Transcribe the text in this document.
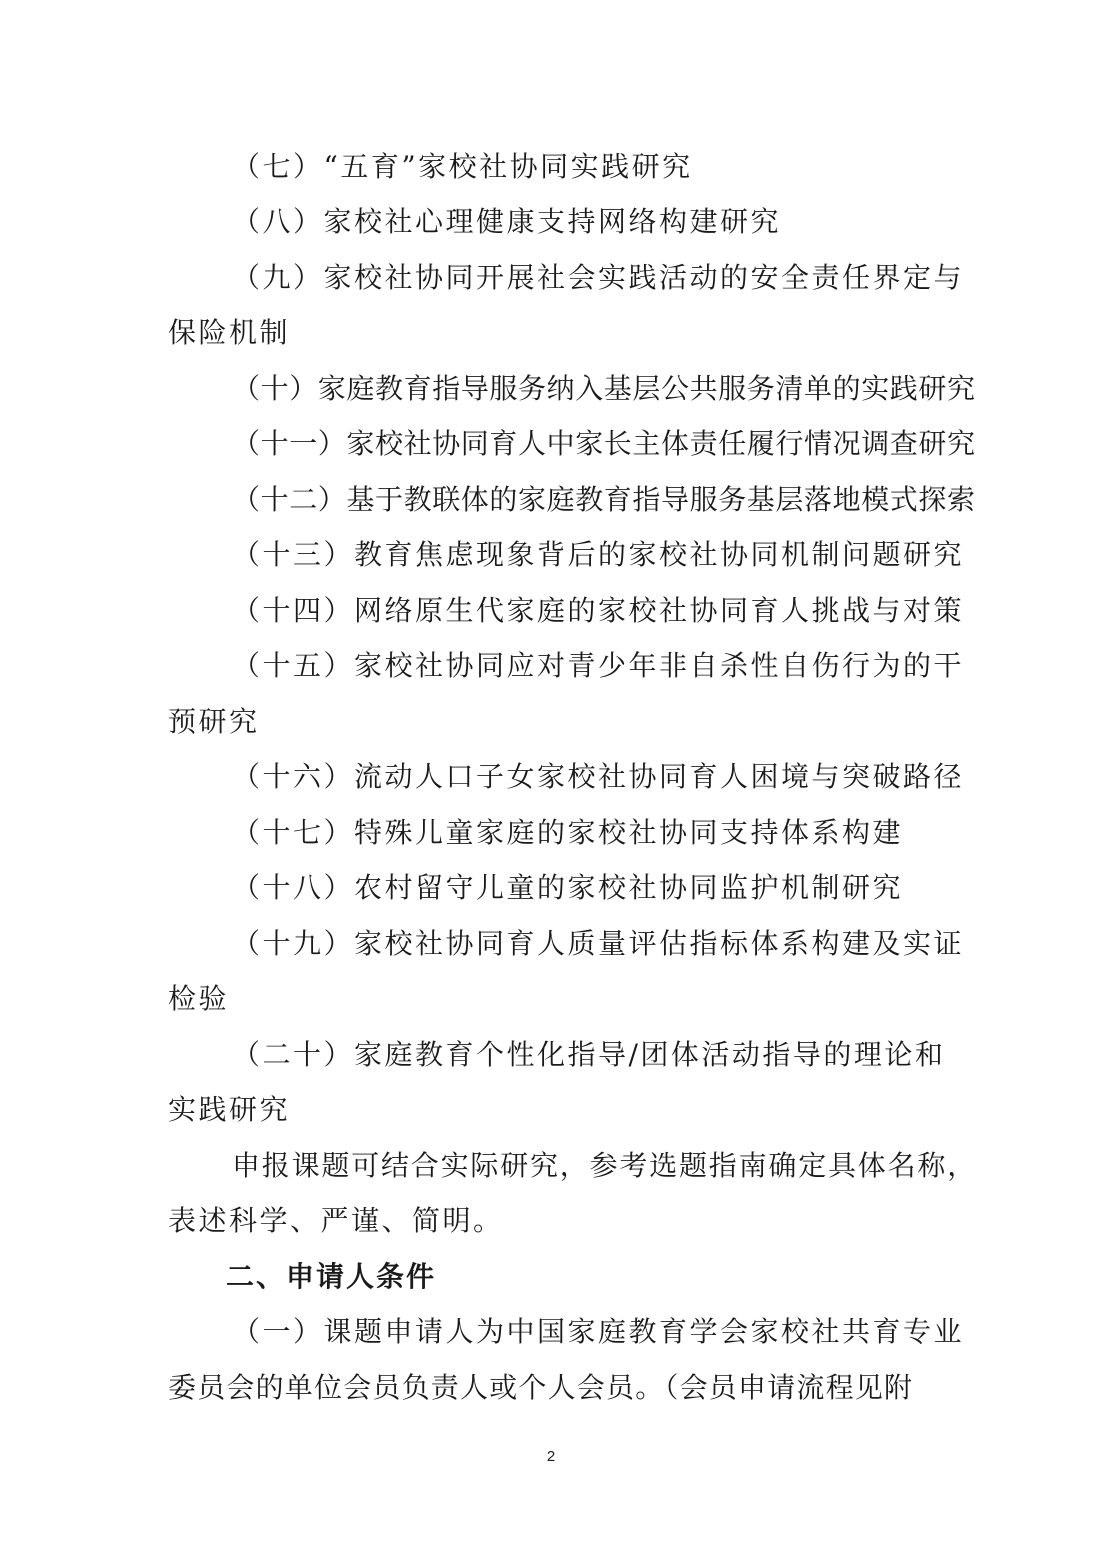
（七）“五育”家校社协同实践研究

（八）家校社心理健康支持网络构建研究

（九）家校社协同开展社会实践活动的安全责任界定与

保险机制

（十）家庭教育指导服务纳入基层公共服务清单的实践研究

（十一）家校社协同育人中家长主体责任履行情况调查研究

（十二）基于教联体的家庭教育指导服务基层落地模式探索

（十三）教育焦虑现象背后的家校社协同机制问题研究

（十四）网络原生代家庭的家校社协同育人挑战与对策

（十五）家校社协同应对青少年非自杀性自伤行为的干

预研究

（十六）流动人口子女家校社协同育人困境与突破路径

（十七）特殊儿童家庭的家校社协同支持体系构建

（十八）农村留守儿童的家校社协同监护机制研究

（十九）家校社协同育人质量评估指标体系构建及实证

检验

（二十）家庭教育个性化指导/团体活动指导的理论和

实践研究

申报课题可结合实际研究，参考选题指南确定具体名称，

表述科学、严谨、简明。

二、申请人条件

（一）课题申请人为中国家庭教育学会家校社共育专业

委员会的单位会员负责人或个人会员。（会员申请流程见附

2
